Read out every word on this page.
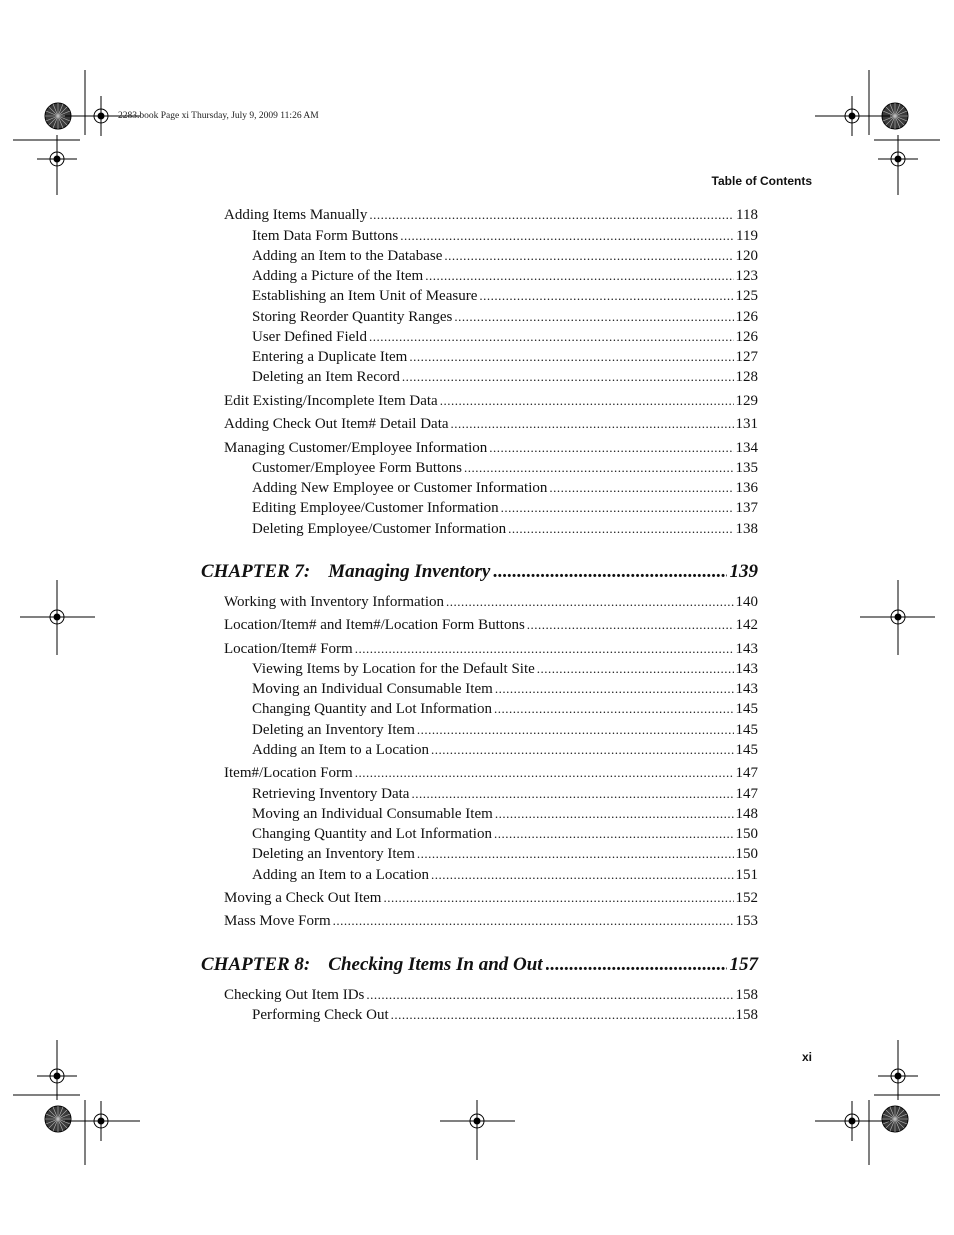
2283.book Page xi Thursday, July 9, 2009 11:26 AM
Table of Contents
xi
Adding Items Manually .....	118
Item Data Form Buttons .....	119
Adding an Item to the Database .....	120
Adding a Picture of the Item .....	123
Establishing an Item Unit of Measure .....	125
Storing Reorder Quantity Ranges .....	126
User Defined Field .....	126
Entering a Duplicate Item .....	127
Deleting an Item Record .....	128
Edit Existing/Incomplete Item Data .....	129
Adding Check Out Item# Detail Data .....	131
Managing Customer/Employee Information .....	134
Customer/Employee Form Buttons .....	135
Adding New Employee or Customer Information .....	136
Editing Employee/Customer Information .....	137
Deleting Employee/Customer Information .....	138
CHAPTER 7: Managing Inventory .....	139
Working with Inventory Information .....	140
Location/Item# and Item#/Location Form Buttons .....	142
Location/Item# Form .....	143
Viewing Items by Location for the Default Site .....	143
Moving an Individual Consumable Item .....	143
Changing Quantity and Lot Information .....	145
Deleting an Inventory Item .....	145
Adding an Item to a Location .....	145
Item#/Location Form .....	147
Retrieving Inventory Data .....	147
Moving an Individual Consumable Item .....	148
Changing Quantity and Lot Information .....	150
Deleting an Inventory Item .....	150
Adding an Item to a Location .....	151
Moving a Check Out Item .....	152
Mass Move Form .....	153
CHAPTER 8: Checking Items In and Out .....	157
Checking Out Item IDs .....	158
Performing Check Out .....	158
